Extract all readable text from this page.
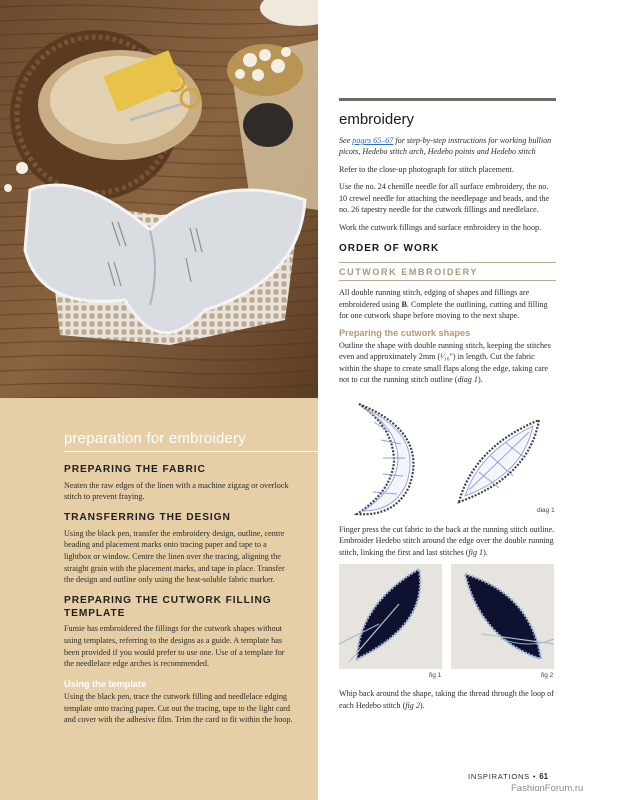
preparation for embroidery
PREPARING THE FABRIC

Neaten the raw edges of the linen with a machine zigzag or overlock stitch to prevent fraying.

TRANSFERRING THE DESIGN

Using the black pen, transfer the embroidery design, outline, centre beading and placement marks onto tracing paper and tape to a lightbox or window. Centre the linen over the tracing, aligning the straight grain with the placement marks, and tape in place. Transfer the design and outline only using the heat-soluble fabric marker.

PREPARING THE CUTWORK FILLING TEMPLATE

Fumie has embroidered the fillings for the cutwork shapes without using templates, referring to the designs as a guide. A template has been provided if you would prefer to use one. Use of a template for the needlelace edge arches is recommended.

Using the template

Using the black pen, trace the cutwork filling and needlelace edging template onto tracing paper. Cut out the tracing, tape to the light card and cover with the adhesive film. Trim the card to fit within the hoop.

embroidery

See pages 65–67 for step-by-step instructions for working bullion picots, Hedebo stitch arch, Hedebo points and Hedebo stitch

Refer to the close-up photograph for stitch placement.

Use the no. 24 chenille needle for all surface embroidery, the no. 10 crewel needle for attaching the needlepage and beads, and the no. 26 tapestry needle for the cutwork fillings and needlelace.

Work the cutwork fillings and surface embroidery in the hoop.

ORDER OF WORK
CUTWORK EMBROIDERY

All double running stitch, edging of shapes and fillings are embroidered using B. Complete the outlining, cutting and filling for one cutwork shape before moving to the next shape.

Preparing the cutwork shapes

Outline the shape with double running stitch, keeping the stitches even and approximately 2mm (¹⁄₁₆") in length. Cut the fabric within the shape to create small flaps along the edge, taking care not to cut the running stitch outline (diag 1).

diag 1

Finger press the cut fabric to the back at the running stitch outline. Embroider Hedebo stitch around the edge over the double running stitch, linking the first and last stitches (fig 1).

fig 1	fig 2

Whip back around the shape, taking the thread through the loop of each Hedebo stitch (fig 2).

INSPIRATIONS • 61
FashionForum.ru
